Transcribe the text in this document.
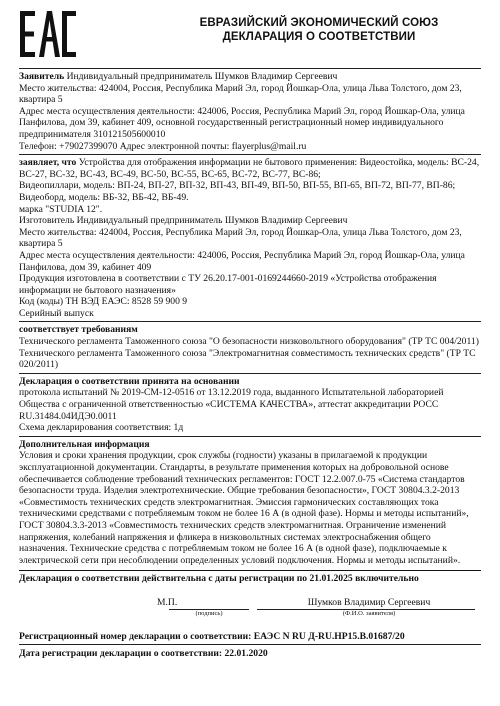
ЕВРАЗИЙСКИЙ ЭКОНОМИЧЕСКИЙ СОЮЗ
ДЕКЛАРАЦИЯ О СООТВЕТСТВИИ

Заявитель Индивидуальный предприниматель Шумков Владимир Сергеевич

Место жительства: 424004, Россия, Республика Марий Эл, город Йошкар-Ола, улица Льва Толстого, дом 23, квартира 5

Адрес места осуществления деятельности: 424006, Россия, Республика Марий Эл, город Йошкар-Ола, улица Панфилова, дом 39, кабинет 409, основной государственный регистрационный номер индивидуального предпринимателя 310121505600010

Телефон: +79027399070 Адрес электронной почты: flayerplus@mail.ru

заявляет, что Устройства для отображения информации не бытового применения: Видеостойка, модель: ВС-24, ВС-27, ВС-32, ВС-43, ВС-49, ВС-50, ВС-55, ВС-65, ВС-72, ВС-77, ВС-86;

Видеопиллари, модель: ВП-24, ВП-27, ВП-32, ВП-43, ВП-49, ВП-50, ВП-55, ВП-65, ВП-72, ВП-77, ВП-86;

Видеоборд, модель: ВБ-32, ВБ-42, ВБ-49.

марка "STUDIA 12".

Изготовитель Индивидуальный предприниматель Шумков Владимир Сергеевич

Место жительства: 424004, Россия, Республика Марий Эл, город Йошкар-Ола, улица Льва Толстого, дом 23, квартира 5

Адрес места осуществления деятельности: 424006, Россия, Республика Марий Эл, город Йошкар-Ола, улица Панфилова, дом 39, кабинет 409

Продукция изготовлена в соответствии с ТУ 26.20.17-001-0169244660-2019 «Устройства отображения информации не бытового назначения»

Код (коды) ТН ВЭД ЕАЭС: 8528 59 900 9

Серийный выпуск

соответствует требованиям

Технического регламента Таможенного союза "О безопасности низковольтного оборудования" (ТР ТС 004/2011)

Технического регламента Таможенного союза "Электромагнитная совместимость технических средств" (ТР ТС 020/2011)

Декларация о соответствии принята на основании

протокола испытаний № 2019-СМ-12-0516 от 13.12.2019 года, выданного Испытательной лабораторией Общества с ограниченной ответственностью «СИСТЕМА КАЧЕСТВА», аттестат аккредитации РОСС RU.31484.04ИДЭ0.0011

Схема декларирования соответствия: 1д

Дополнительная информация

Условия и сроки хранения продукции, срок службы (годности) указаны в прилагаемой к продукции эксплуатационной документации. Стандарты, в результате применения которых на добровольной основе обеспечивается соблюдение требований технических регламентов: ГОСТ 12.2.007.0-75 «Система стандартов безопасности труда. Изделия электротехнические. Общие требования безопасности», ГОСТ 30804.3.2-2013 «Совместимость технических средств электромагнитная. Эмиссия гармонических составляющих тока техническими средствами с потребляемым током не более 16 А (в одной фазе). Нормы и методы испытаний», ГОСТ 30804.3.3-2013 «Совместимость технических средств электромагнитная. Ограничение изменений напряжения, колебаний напряжения и фликера в низковольтных системах электроснабжения общего назначения. Технические средства с потребляемым током не более 16 А (в одной фазе), подключаемые к электрической сети при несоблюдении определенных условий подключения. Нормы и методы испытаний».

Декларация о соответствии действительна с даты регистрации по 21.01.2025 включительно
М.П.
(подпись)
Шумков Владимир Сергеевич
(Ф.И.О. заявителя)
Регистрационный номер декларации о соответствии: ЕАЭС N RU Д-RU.НР15.В.01687/20
Дата регистрации декларации о соответствии: 22.01.2020
